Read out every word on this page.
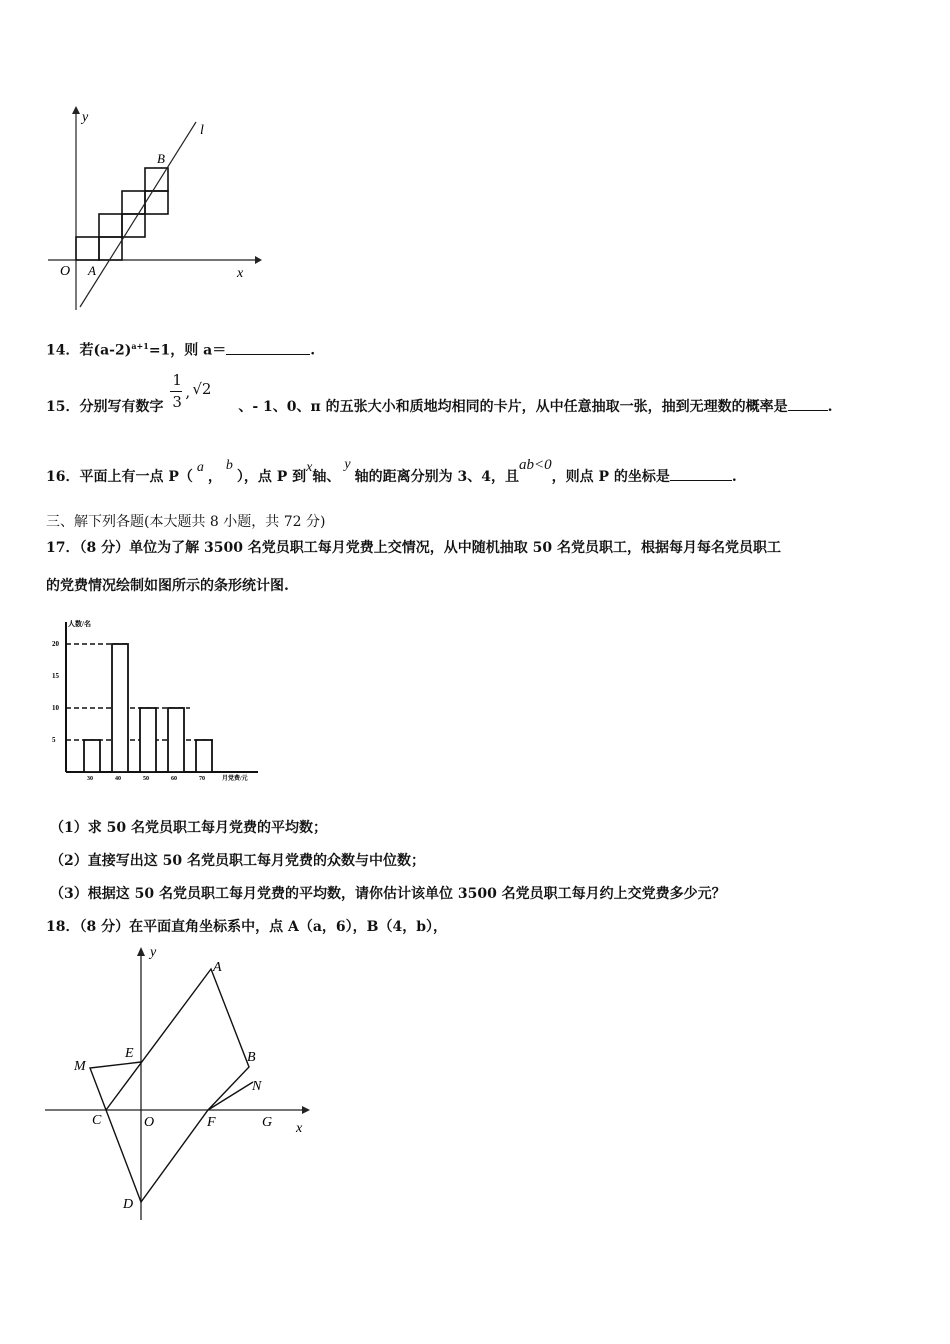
y
l
B
O A	x
14．若$(a-2)^{a+1}=1$，则 a＝	.
15．分别写有数字
1
3
, √2
、- 1、0、π 的五张大小和质地均相同的卡片，从中任意抽取一张，抽到无理数的概率是	.
16．平面上有一点 P（a，b），点 P 到x轴、y轴的距离分别为 3、4，且ab<0，则点 P 的坐标是	.
三、解下列各题(本大题共 8 小题，共 72 分)
17．（8 分）单位为了解 3500 名党员职工每月党费上交情况，从中随机抽取 50 名党员职工，根据每月每名党员职工
的党费情况绘制如图所示的条形统计图.
人数/名
月党费/元
5
10
15
20
30	40	50	60	70
（1）求 50 名党员职工每月党费的平均数；
（2）直接写出这 50 名党员职工每月党费的众数与中位数；
（3）根据这 50 名党员职工每月党费的平均数，请你估计该单位 3500 名党员职工每月约上交党费多少元？
18．（8 分）在平面直角坐标系中，点 A（a，6），B（4，b），
y
A
E
M
B
N
C	O	F	G x
D
